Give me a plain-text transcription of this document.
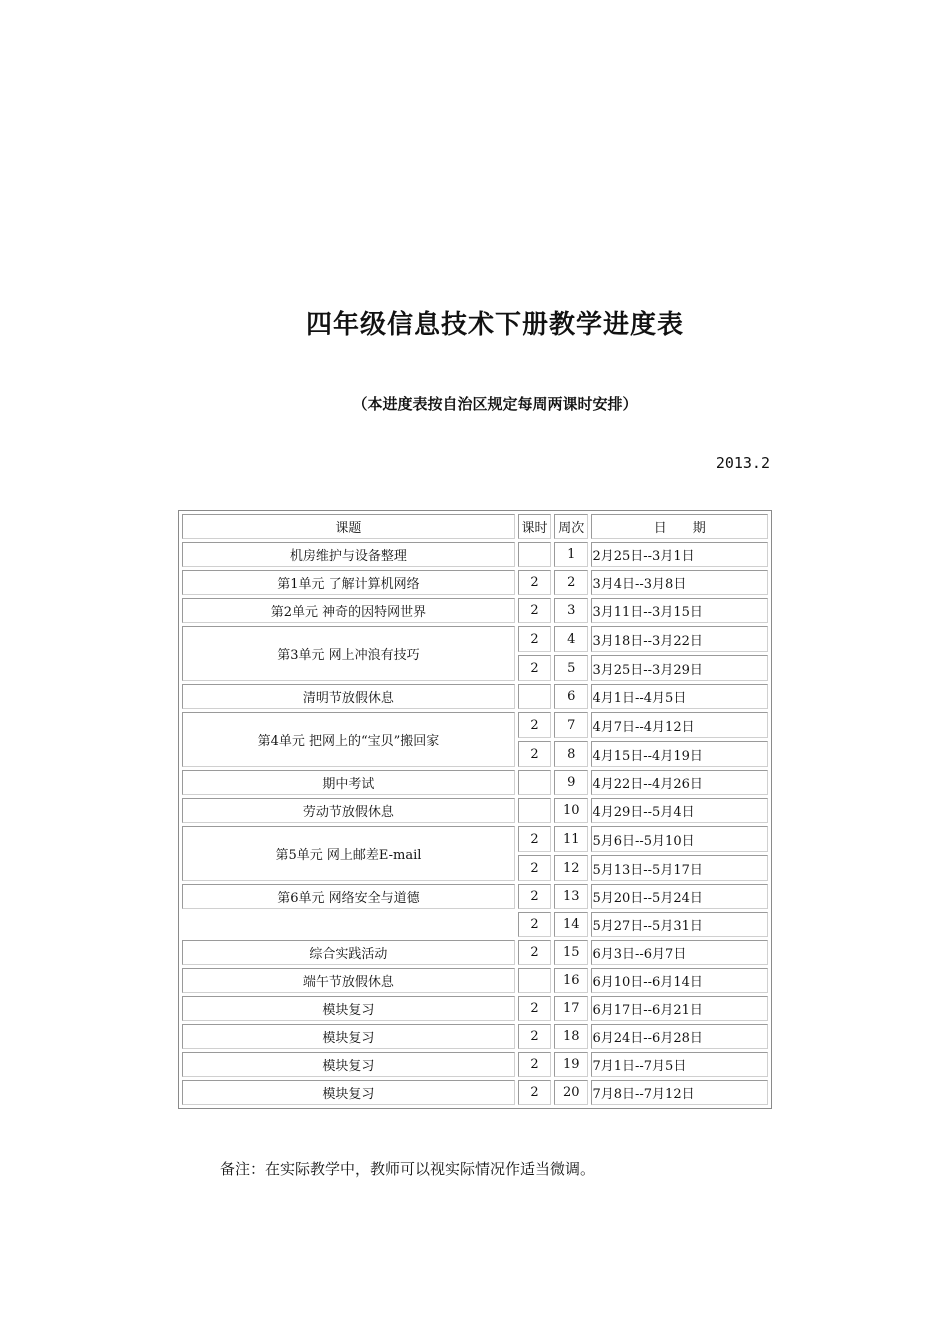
四年级信息技术下册教学进度表
（本进度表按自治区规定每周两课时安排）
2013.2
课题	课时	周次	日　　期
机房维护与设备整理		1	2月25日--3月1日
第1单元 了解计算机网络	2	2	3月4日--3月8日
第2单元 神奇的因特网世界	2	3	3月11日--3月15日
第3单元 网上冲浪有技巧	2	4	3月18日--3月22日
	2	5	3月25日--3月29日
清明节放假休息		6	4月1日--4月5日
第4单元 把网上的“宝贝”搬回家	2	7	4月7日--4月12日
	2	8	4月15日--4月19日
期中考试		9	4月22日--4月26日
劳动节放假休息		10	4月29日--5月4日
第5单元 网上邮差E-mail	2	11	5月6日--5月10日
	2	12	5月13日--5月17日
第6单元 网络安全与道德	2	13	5月20日--5月24日
	2	14	5月27日--5月31日
综合实践活动	2	15	6月3日--6月7日
端午节放假休息		16	6月10日--6月14日
模块复习	2	17	6月17日--6月21日
模块复习	2	18	6月24日--6月28日
模块复习	2	19	7月1日--7月5日
模块复习	2	20	7月8日--7月12日
备注：在实际教学中，教师可以视实际情况作适当微调。
